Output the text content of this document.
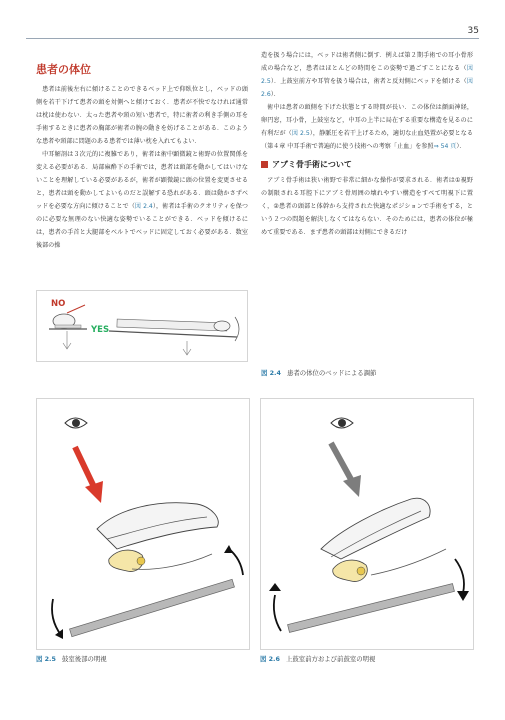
35
患者の体位

患者は前後左右に傾けることのできるベッド上で仰臥位とし，ベッドの頭側を若干下げて患者の頭を対側へと傾けておく．患者が不快でなければ通常は枕は使わない．太った患者や頸の短い患者で，特に術者の利き手側の耳を手術するときに患者の胸部が術者の腕の動きを妨げることがある．このような患者や頸部に問題のある患者では薄い枕を入れてもよい．

中耳解剖は３次元的に複雑であり，術者は術中顕微鏡と術野の位置関係を変える必要がある．局部麻酔下の手術では，患者は頭部を動かしてはいけないことを理解している必要があるが，術者が顕微鏡に頭の位置を変更させると，患者は頭を動かしてよいものだと誤解する恐れがある．頭は動かさずベッドを必要な方向に傾けることで（図 2.4），術者は手術のクオリティを保つのに必要な無理のない快適な姿勢でいることができる．ベッドを傾けるには，患者の手首と大腿部をベルトでベッドに固定しておく必要がある．数室後部の操

造を扱う場合には，ベッドは術者側に倒す．例えば第２期手術での耳小骨形成の場合など，患者はほとんどの時間をこの姿勢で過ごすことになる（図 2.5）．上鼓室前方や耳管を扱う場合は，術者と反対側にベッドを傾ける（図 2.6）．

術中は患者の頭側を下げた状態とする時間が長い．この体位は顔面神経，卵円窓，耳小骨，上鼓室など，中耳の上半に局在する重要な構造を見るのに有利だが（図 2.5），静脈圧を若干上げるため，適切な止血処置が必要となる（第４章 中耳手術で普遍的に使う技術への考察「止血」を参照⇒ 54 頁）．

アブミ骨手術について

アブミ骨手術は狭い術野で非常に細かな操作が要求される．術者は①視野の制限される耳腔下にアブミ骨周囲の壊れやすい構造をすべて明視下に置く，②患者の頭部と体幹から支持された快適なポジションで手術をする，という２つの問題を解決しなくてはならない．そのためには，患者の体位が極めて重要である．まず患者の頭部は対側にできるだけ

NO
YES
図 2.4 患者の体位のベッドによる調節
図 2.5 鼓室後部の明視	図 2.6 上鼓室前方および前鼓室の明視
